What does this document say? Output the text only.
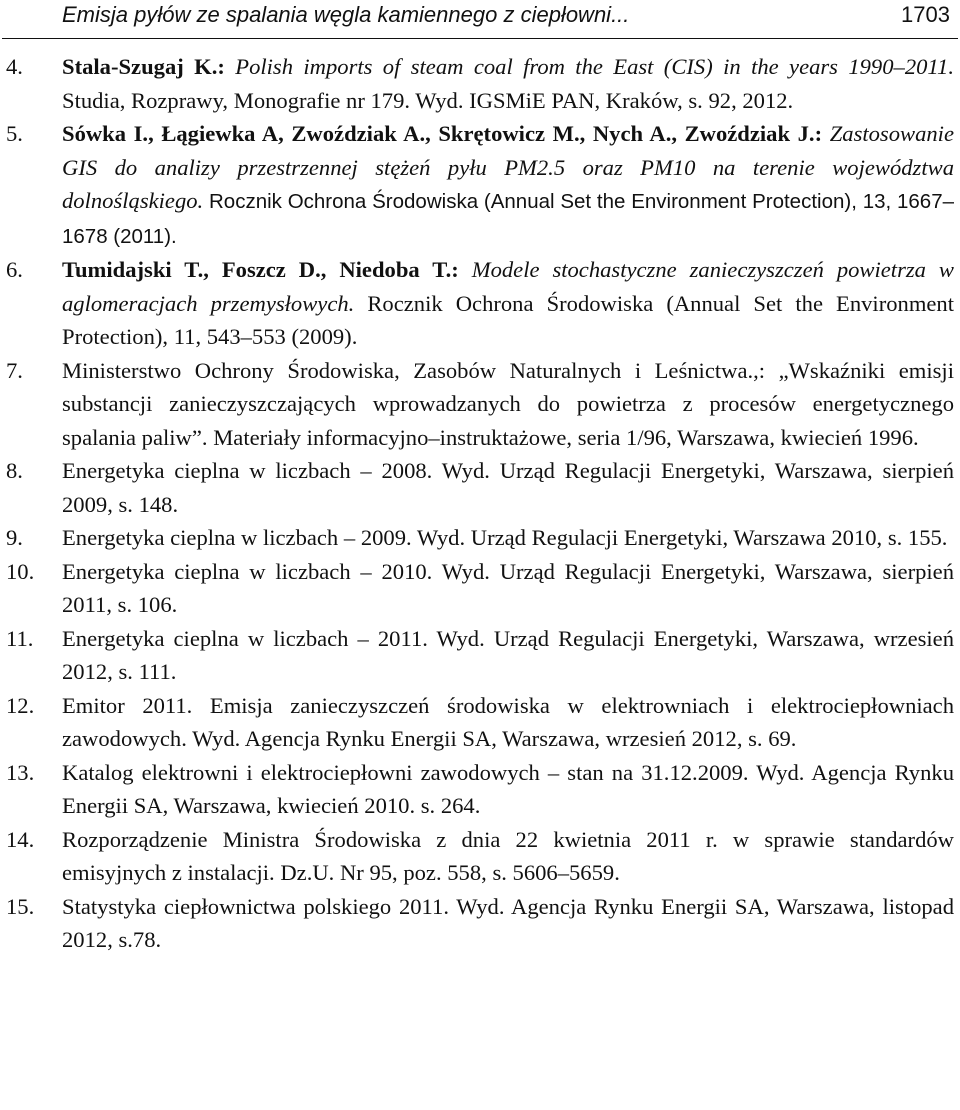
Emisja pyłów ze spalania węgla kamiennego z ciepłowni...	1703
4.	Stala-Szugaj K.: Polish imports of steam coal from the East (CIS) in the years 1990–2011. Studia, Rozprawy, Monografie nr 179. Wyd. IGSMiE PAN, Kraków, s. 92, 2012.
5.	Sówka I., Łągiewka A, Zwoździak A., Skrętowicz M., Nych A., Zwoździak J.: Zastosowanie GIS do analizy przestrzennej stężeń pyłu PM2.5 oraz PM10 na terenie województwa dolnośląskiego. Rocznik Ochrona Środowiska (Annual Set the Environment Protection), 13, 1667–1678 (2011).
6.	Tumidajski T., Foszcz D., Niedoba T.: Modele stochastyczne zanieczyszczeń powietrza w aglomeracjach przemysłowych. Rocznik Ochrona Środowiska (Annual Set the Environment Protection), 11, 543–553 (2009).
7.	Ministerstwo Ochrony Środowiska, Zasobów Naturalnych i Leśnictwa.,: „Wskaźniki emisji substancji zanieczyszczających wprowadzanych do powietrza z procesów energetycznego spalania paliw”. Materiały informacyjno–instruktażowe, seria 1/96, Warszawa, kwiecień 1996.
8.	Energetyka cieplna w liczbach – 2008. Wyd. Urząd Regulacji Energetyki, Warszawa, sierpień 2009, s. 148.
9.	Energetyka cieplna w liczbach – 2009. Wyd. Urząd Regulacji Energetyki, Warszawa 2010, s. 155.
10.	Energetyka cieplna w liczbach – 2010. Wyd. Urząd Regulacji Energetyki, Warszawa, sierpień 2011, s. 106.
11.	Energetyka cieplna w liczbach – 2011. Wyd. Urząd Regulacji Energetyki, Warszawa, wrzesień 2012, s. 111.
12.	Emitor 2011. Emisja zanieczyszczeń środowiska w elektrowniach i elektrociepłowniach zawodowych. Wyd. Agencja Rynku Energii SA, Warszawa, wrzesień 2012, s. 69.
13.	Katalog elektrowni i elektrociepłowni zawodowych – stan na 31.12.2009. Wyd. Agencja Rynku Energii SA, Warszawa, kwiecień 2010. s. 264.
14.	Rozporządzenie Ministra Środowiska z dnia 22 kwietnia 2011 r. w sprawie standardów emisyjnych z instalacji. Dz.U. Nr 95, poz. 558, s. 5606–5659.
15.	Statystyka ciepłownictwa polskiego 2011. Wyd. Agencja Rynku Energii SA, Warszawa, listopad 2012, s.78.
